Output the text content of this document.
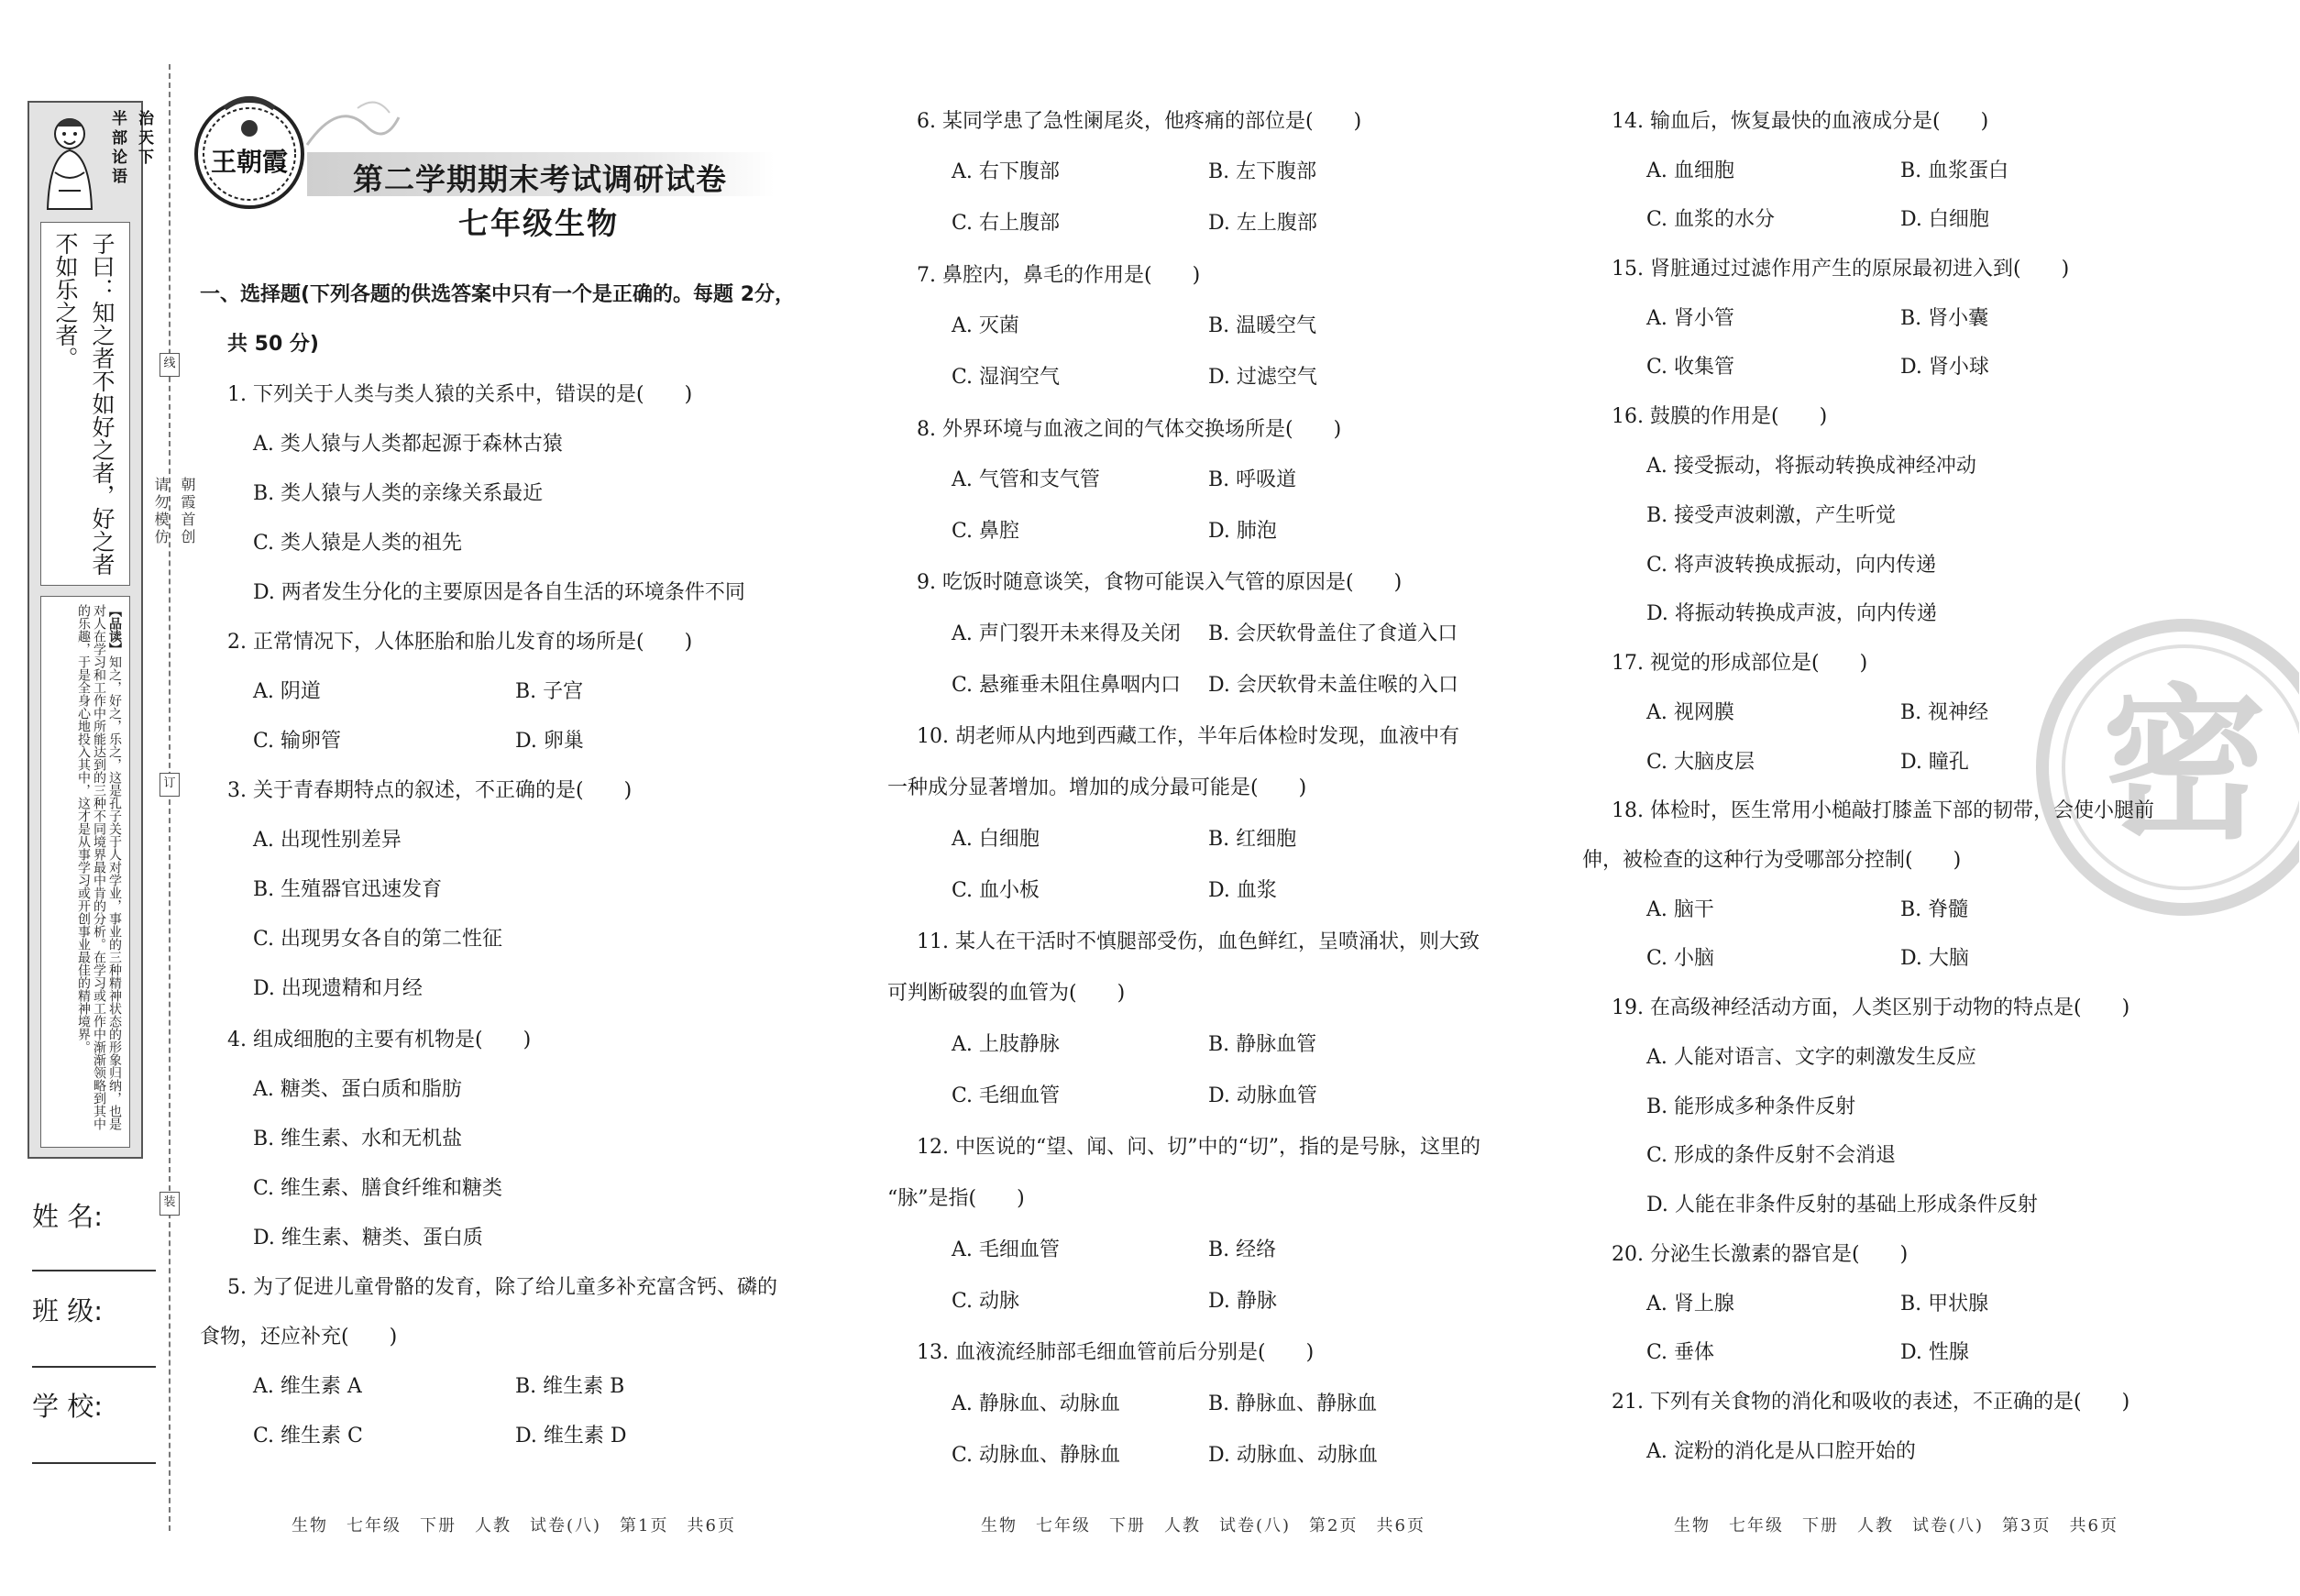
半部论语 治天下
子曰：知之者不如好之者，好之者不如乐之者。
【品读】知之，好之，乐之，这是孔子关于人对学业，事业的三种精神状态的形象归纳，也是对人在学习和工作中所能达到的三种不同境界最中肯的分析。在学习或工作中渐渐领略到其中的乐趣，于是全身心地投入其中，这才是从事学习或开创事业最佳的精神境界。
姓 名:
班 级:
学 校:
线
订
装
请勿模仿 朝霞首创
王朝霞 第二学期期末考试调研试卷
七年级生物
一、选择题(下列各题的供选答案中只有一个是正确的。每题 2分，
共 50 分)
1. 下列关于人类与类人猿的关系中，错误的是(　　)
A. 类人猿与人类都起源于森林古猿
B. 类人猿与人类的亲缘关系最近
C. 类人猿是人类的祖先
D. 两者发生分化的主要原因是各自生活的环境条件不同
2. 正常情况下，人体胚胎和胎儿发育的场所是(　　)
A. 阴道	B. 子宫
C. 输卵管	D. 卵巢
3. 关于青春期特点的叙述，不正确的是(　　)
A. 出现性别差异
B. 生殖器官迅速发育
C. 出现男女各自的第二性征
D. 出现遗精和月经
4. 组成细胞的主要有机物是(　　)
A. 糖类、蛋白质和脂肪
B. 维生素、水和无机盐
C. 维生素、膳食纤维和糖类
D. 维生素、糖类、蛋白质
5. 为了促进儿童骨骼的发育，除了给儿童多补充富含钙、磷的
食物，还应补充(　　)
A. 维生素 A	B. 维生素 B
C. 维生素 C	D. 维生素 D
6. 某同学患了急性阑尾炎，他疼痛的部位是(　　)
A. 右下腹部	B. 左下腹部
C. 右上腹部	D. 左上腹部
7. 鼻腔内，鼻毛的作用是(　　)
A. 灭菌	B. 温暖空气
C. 湿润空气	D. 过滤空气
8. 外界环境与血液之间的气体交换场所是(　　)
A. 气管和支气管	B. 呼吸道
C. 鼻腔	D. 肺泡
9. 吃饭时随意谈笑，食物可能误入气管的原因是(　　)
A. 声门裂开未来得及关闭 B. 会厌软骨盖住了食道入口
C. 悬雍垂未阻住鼻咽内口 D. 会厌软骨未盖住喉的入口
10. 胡老师从内地到西藏工作，半年后体检时发现，血液中有
一种成分显著增加。增加的成分最可能是(　　)
A. 白细胞	B. 红细胞
C. 血小板	D. 血浆
11. 某人在干活时不慎腿部受伤，血色鲜红，呈喷涌状，则大致
可判断破裂的血管为(　　)
A. 上肢静脉	B. 静脉血管
C. 毛细血管	D. 动脉血管
12. 中医说的“望、闻、问、切”中的“切”，指的是号脉，这里的
“脉”是指(　　)
A. 毛细血管	B. 经络
C. 动脉	D. 静脉
13. 血液流经肺部毛细血管前后分别是(　　)
A. 静脉血、动脉血	B. 静脉血、静脉血
C. 动脉血、静脉血	D. 动脉血、动脉血
密
14. 输血后，恢复最快的血液成分是(　　)
A. 血细胞	B. 血浆蛋白
C. 血浆的水分	D. 白细胞
15. 肾脏通过过滤作用产生的原尿最初进入到(　　)
A. 肾小管	B. 肾小囊
C. 收集管	D. 肾小球
16. 鼓膜的作用是(　　)
A. 接受振动，将振动转换成神经冲动
B. 接受声波刺激，产生听觉
C. 将声波转换成振动，向内传递
D. 将振动转换成声波，向内传递
17. 视觉的形成部位是(　　)
A. 视网膜	B. 视神经
C. 大脑皮层	D. 瞳孔
18. 体检时，医生常用小槌敲打膝盖下部的韧带，会使小腿前
伸，被检查的这种行为受哪部分控制(　　)
A. 脑干	B. 脊髓
C. 小脑	D. 大脑
19. 在高级神经活动方面，人类区别于动物的特点是(　　)
A. 人能对语言、文字的刺激发生反应
B. 能形成多种条件反射
C. 形成的条件反射不会消退
D. 人能在非条件反射的基础上形成条件反射
20. 分泌生长激素的器官是(　　)
A. 肾上腺	B. 甲状腺
C. 垂体	D. 性腺
21. 下列有关食物的消化和吸收的表述，不正确的是(　　)
A. 淀粉的消化是从口腔开始的
生物　七年级　下册　人教　试卷(八)　第1页　共6页	生物　七年级　下册　人教　试卷(八)　第2页　共6页	生物　七年级　下册　人教　试卷(八)　第3页　共6页
